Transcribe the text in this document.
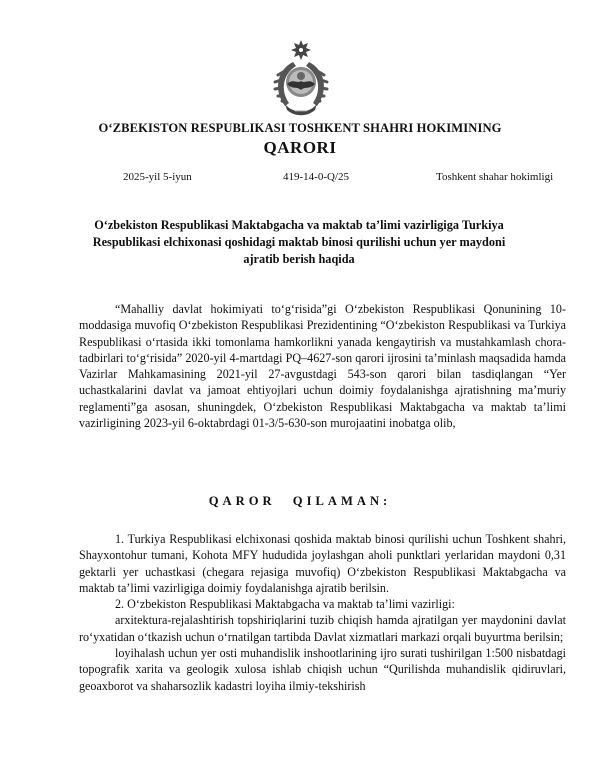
O‘ZBEKISTON RESPUBLIKASI TOSHKENT SHAHRI HOKIMINING
QARORI
2025-yil 5-iyun	419-14-0-Q/25	Toshkent shahar hokimligi
O‘zbekiston Respublikasi Maktabgacha va maktab ta’limi vazirligiga Turkiya Respublikasi elchixonasi qoshidagi maktab binosi qurilishi uchun yer maydoni ajratib berish haqida

“Mahalliy davlat hokimiyati to‘g‘risida”gi O‘zbekiston Respublikasi Qonunining 10-moddasiga muvofiq O‘zbekiston Respublikasi Prezidentining “O‘zbekiston Respublikasi va Turkiya Respublikasi o‘rtasida ikki tomonlama hamkorlikni yanada kengaytirish va mustahkamlash chora-tadbirlari to‘g‘risida” 2020-yil 4-martdagi PQ–4627-son qarori ijrosini ta’minlash maqsadida hamda Vazirlar Mahkamasining 2021-yil 27-avgustdagi 543-son qarori bilan tasdiqlangan “Yer uchastkalarini davlat va jamoat ehtiyojlari uchun doimiy foydalanishga ajratishning ma’muriy reglamenti”ga asosan, shuningdek, O‘zbekiston Respublikasi Maktabgacha va maktab ta’limi vazirligining 2023-yil 6-oktabrdagi 01-3/5-630-son murojaatini inobatga olib,

QAROR QILAMAN:

1. Turkiya Respublikasi elchixonasi qoshida maktab binosi qurilishi uchun Toshkent shahri, Shayxontohur tumani, Kohota MFY hududida joylashgan aholi punktlari yerlaridan maydoni 0,31 gektarli yer uchastkasi (chegara rejasiga muvofiq) O‘zbekiston Respublikasi Maktabgacha va maktab ta’limi vazirligiga doimiy foydalanishga ajratib berilsin.

2. O‘zbekiston Respublikasi Maktabgacha va maktab ta’limi vazirligi:

arxitektura-rejalashtirish topshiriqlarini tuzib chiqish hamda ajratilgan yer maydonini davlat ro‘yxatidan o‘tkazish uchun o‘rnatilgan tartibda Davlat xizmatlari markazi orqali buyurtma berilsin;

loyihalash uchun yer osti muhandislik inshootlarining ijro surati tushirilgan 1:500 nisbatdagi topografik xarita va geologik xulosa ishlab chiqish uchun “Qurilishda muhandislik qidiruvlari, geoaxborot va shaharsozlik kadastri loyiha ilmiy-tekshirish
